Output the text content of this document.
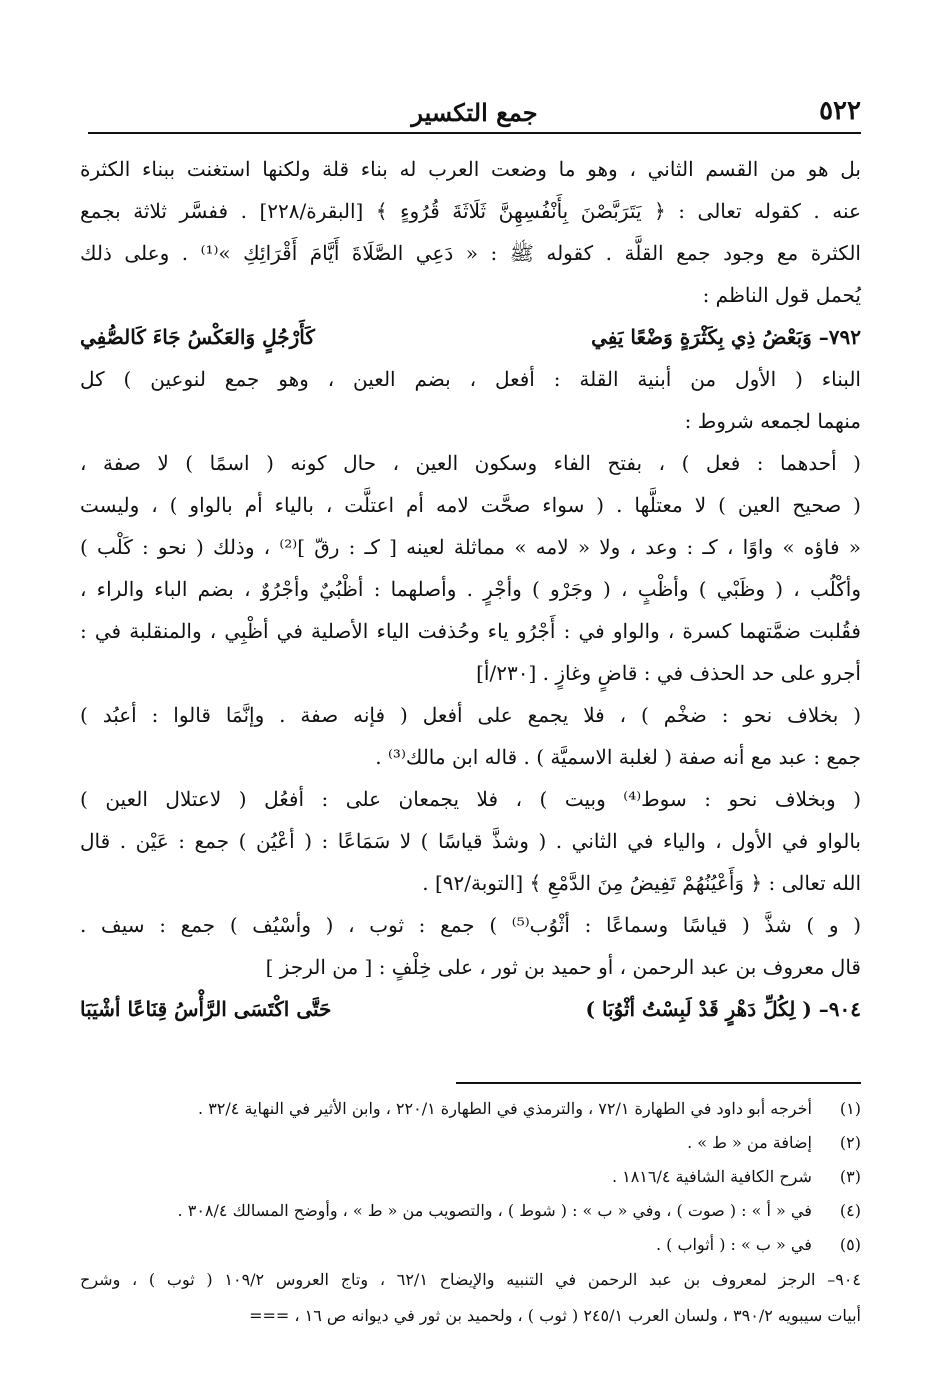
٥٢٢
جمع التكسير
بل هو من القسم الثاني ، وهو ما وضعت العرب له بناء قلة ولكنها استغنت ببناء الكثرة
عنه . كقوله تعالى : ﴿ يَتَرَبَّصْنَ بِأَنْفُسِهِنَّ ثَلَاثَةَ قُرُوءٍ ﴾ [البقرة/٢٢٨] . ففسَّر ثلاثة بجمع
الكثرة مع وجود جمع القلَّة . كقوله ﷺ : « دَعِي الصَّلَاةَ أَيَّامَ أَقْرَائِكِ »⁽¹⁾ . وعلى ذلك
يُحمل قول الناظم :
٧٩٢– وَبَعْضُ ذِي بِكَثْرَةٍ وَضْعًا يَفِي
كَأَرْجُلٍ وَالعَكْسُ جَاءَ كَالصُّفِي
البناء ( الأول من أبنية القلة : أفعل ، بضم العين ، وهو جمع لنوعين ) كل
منهما لجمعه شروط :
( أحدهما : فعل ) ، بفتح الفاء وسكون العين ، حال كونه ( اسمًا ) لا صفة ،
( صحيح العين ) لا معتلَّها . ( سواء صحَّت لامه أم اعتلَّت ، بالياء أم بالواو ) ، وليست
« فاؤه » واوًا ، كـ : وعد ، ولا « لامه » مماثلة لعينه [ كـ : رقّ ]⁽²⁾ ، وذلك ( نحو : كَلْب )
وأكْلُب ، ( وظَبْي ) وأظْبٍ ، ( وجَرْو ) وأجْرٍ . وأصلهما : أظْبُيٌ وأجْرُوٌ ، بضم الباء والراء ،
فقُلبت ضمَّتهما كسرة ، والواو في : أَجْرُو ياء وحُذفت الياء الأصلية في أظْبِي ، والمنقلبة في :
أجرو على حد الحذف في : قاضٍ وغازٍ . [٢٣٠/أ]
( بخلاف نحو : ضخْم ) ، فلا يجمع على أفعل ( فإنه صفة . وإنَّمَا قالوا : أعبُد )
جمع : عبد مع أنه صفة ( لغلبة الاسميَّة ) . قاله ابن مالك⁽³⁾ .
( وبخلاف نحو : سوط⁽⁴⁾ وبيت ) ، فلا يجمعان على : أفعُل ( لاعتلال العين )
بالواو في الأول ، والياء في الثاني . ( وشذَّ قياسًا ) لا سَمَاعًا : ( أعْيُن ) جمع : عَيْن . قال
الله تعالى : ﴿ وَأَعْيُنُهُمْ تَفِيضُ مِنَ الدَّمْعِ ﴾ [التوبة/٩٢] .
( و ) شذَّ ( قياسًا وسماعًا : أثْوُب⁽⁵⁾ ) جمع : ثوب ، ( وأسْيُف ) جمع : سيف .
قال معروف بن عبد الرحمن ، أو حميد بن ثور ، على خِلْفٍ : [ من الرجز ]
٩٠٤– ( لِكُلِّ دَهْرٍ قَدْ لَبِسْتُ أثْوُبَا )
حَتَّى اكْتَسَى الرَّأْسُ قِنَاعًا أشْيَبَا
(١) أخرجه أبو داود في الطهارة ٧٢/١ ، والترمذي في الطهارة ٢٢٠/١ ، وابن الأثير في النهاية ٣٢/٤ .
(٢) إضافة من « ط » .
(٣) شرح الكافية الشافية ١٨١٦/٤ .
(٤) في « أ » : ( صوت ) ، وفي « ب » : ( شوط ) ، والتصويب من « ط » ، وأوضح المسالك ٣٠٨/٤ .
(٥) في « ب » : ( أثواب ) .
٩٠٤– الرجز لمعروف بن عبد الرحمن في التنبيه والإيضاح ٦٢/١ ، وتاج العروس ١٠٩/٢ ( ثوب ) ، وشرح
أبيات سيبويه ٣٩٠/٢ ، ولسان العرب ٢٤٥/١ ( ثوب ) ، ولحميد بن ثور في ديوانه ص ١٦ ، ===
